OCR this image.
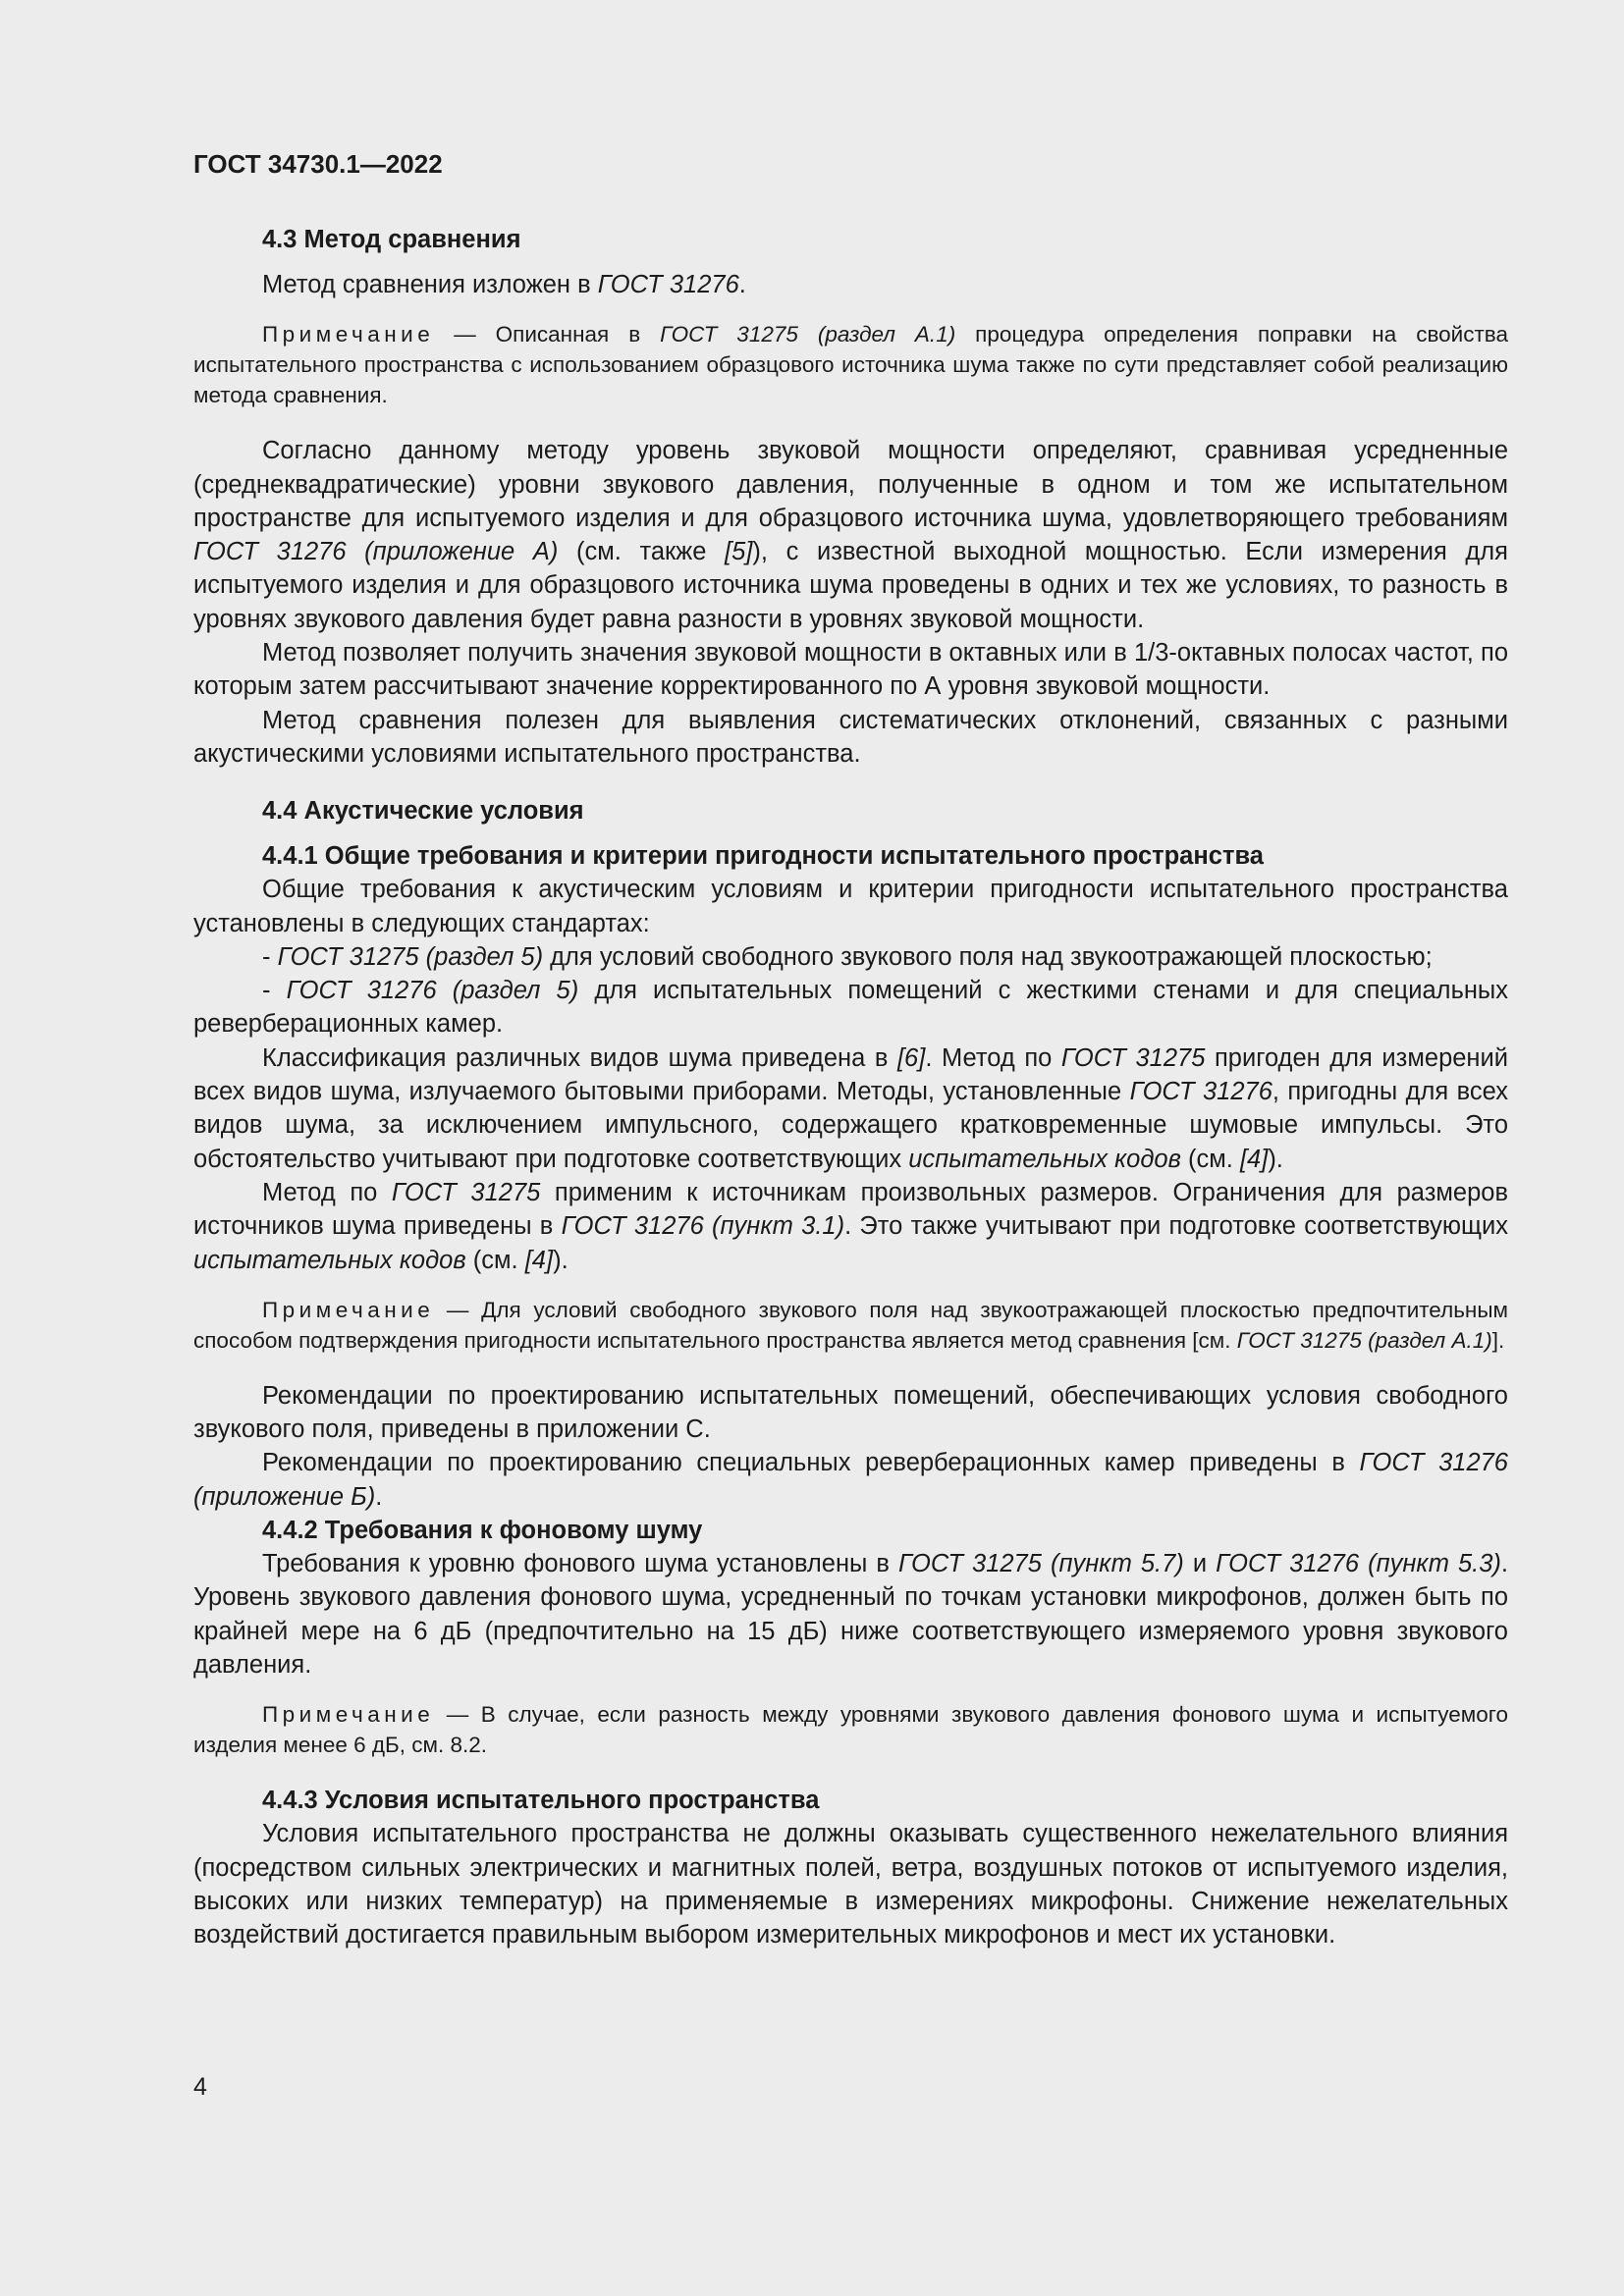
ГОСТ 34730.1—2022
4.3 Метод сравнения

Метод сравнения изложен в ГОСТ 31276.

Примечание — Описанная в ГОСТ 31275 (раздел А.1) процедура определения поправки на свойства испытательного пространства с использованием образцового источника шума также по сути представляет собой реализацию метода сравнения.

Согласно данному методу уровень звуковой мощности определяют, сравнивая усредненные (среднеквадратические) уровни звукового давления, полученные в одном и том же испытательном пространстве для испытуемого изделия и для образцового источника шума, удовлетворяющего требованиям ГОСТ 31276 (приложение А) (см. также [5]), с известной выходной мощностью. Если измерения для испытуемого изделия и для образцового источника шума проведены в одних и тех же условиях, то разность в уровнях звукового давления будет равна разности в уровнях звуковой мощности.

Метод позволяет получить значения звуковой мощности в октавных или в 1/3-октавных полосах частот, по которым затем рассчитывают значение корректированного по А уровня звуковой мощности.

Метод сравнения полезен для выявления систематических отклонений, связанных с разными акустическими условиями испытательного пространства.

4.4 Акустические условия
4.4.1 Общие требования и критерии пригодности испытательного пространства

Общие требования к акустическим условиям и критерии пригодности испытательного пространства установлены в следующих стандартах:

- ГОСТ 31275 (раздел 5) для условий свободного звукового поля над звукоотражающей плоскостью;

- ГОСТ 31276 (раздел 5) для испытательных помещений с жесткими стенами и для специальных реверберационных камер.

Классификация различных видов шума приведена в [6]. Метод по ГОСТ 31275 пригоден для измерений всех видов шума, излучаемого бытовыми приборами. Методы, установленные ГОСТ 31276, пригодны для всех видов шума, за исключением импульсного, содержащего кратковременные шумовые импульсы. Это обстоятельство учитывают при подготовке соответствующих испытательных кодов (см. [4]).

Метод по ГОСТ 31275 применим к источникам произвольных размеров. Ограничения для размеров источников шума приведены в ГОСТ 31276 (пункт 3.1). Это также учитывают при подготовке соответствующих испытательных кодов (см. [4]).

Примечание — Для условий свободного звукового поля над звукоотражающей плоскостью предпочтительным способом подтверждения пригодности испытательного пространства является метод сравнения [см. ГОСТ 31275 (раздел А.1)].

Рекомендации по проектированию испытательных помещений, обеспечивающих условия свободного звукового поля, приведены в приложении С.

Рекомендации по проектированию специальных реверберационных камер приведены в ГОСТ 31276 (приложение Б).

4.4.2 Требования к фоновому шуму

Требования к уровню фонового шума установлены в ГОСТ 31275 (пункт 5.7) и ГОСТ 31276 (пункт 5.3). Уровень звукового давления фонового шума, усредненный по точкам установки микрофонов, должен быть по крайней мере на 6 дБ (предпочтительно на 15 дБ) ниже соответствующего измеряемого уровня звукового давления.

Примечание — В случае, если разность между уровнями звукового давления фонового шума и испытуемого изделия менее 6 дБ, см. 8.2.

4.4.3 Условия испытательного пространства

Условия испытательного пространства не должны оказывать существенного нежелательного влияния (посредством сильных электрических и магнитных полей, ветра, воздушных потоков от испытуемого изделия, высоких или низких температур) на применяемые в измерениях микрофоны. Снижение нежелательных воздействий достигается правильным выбором измерительных микрофонов и мест их установки.

4
